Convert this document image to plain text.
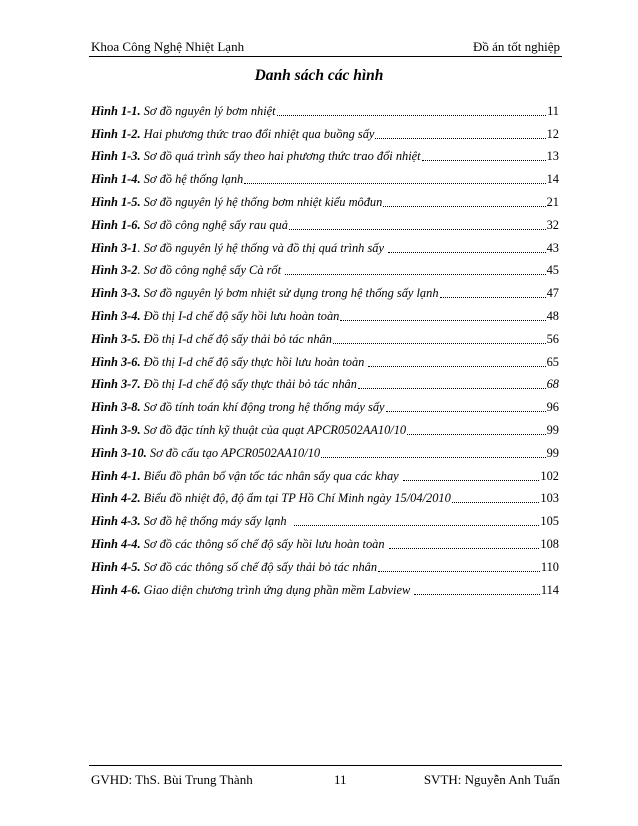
Khoa Công Nghệ Nhiệt Lạnh	Đồ án tốt nghiệp
Danh sách các hình
Hình 1-1. Sơ đồ nguyên lý bơm nhiệt	11
Hình 1-2. Hai phương thức trao đổi nhiệt qua buồng sấy	12
Hình 1-3. Sơ đồ quá trình sấy theo hai phương thức trao đổi nhiệt	13
Hình 1-4. Sơ đồ hệ thống lạnh	14
Hình 1-5. Sơ đồ nguyên lý hệ thống bơm nhiệt kiểu môđun	21
Hình 1-6. Sơ đồ công nghệ sấy rau quả	32
Hình 3-1 . Sơ đồ nguyên lý hệ thống và đồ thị quá trình sấy	43
Hình 3-2 . Sơ đồ công nghệ sấy Cà rốt	45
Hình 3-3. Sơ đồ nguyên lý bơm nhiệt sử dụng trong hệ thống sấy lạnh	47
Hình 3-4. Đồ thị I-d chế độ sấy hồi lưu hoàn toàn	48
Hình 3-5. Đồ thị I-d chế độ sấy thải bỏ tác nhân	56
Hình 3-6. Đồ thị I-d chế độ sấy thực hồi lưu hoàn toàn	65
Hình 3-7. Đồ thị I-d chế độ sấy thực thải bỏ tác nhân	68
Hình 3-8. Sơ đồ tính toán khí động trong hệ thống máy sấy	96
Hình 3-9. Sơ đồ đặc tính kỹ thuật của quạt APCR0502AA10/10	99
Hình 3-10. Sơ đồ cấu tạo APCR0502AA10/10	99
Hình 4-1. Biểu đồ phân bố vận tốc tác nhân sấy qua các khay	102
Hình 4-2. Biểu đồ nhiệt độ, độ ẩm tại TP Hồ Chí Minh ngày 15/04/2010	103
Hình 4-3. Sơ đồ hệ thống máy sấy lạnh	105
Hình 4-4. Sơ đồ các thông số chế độ sấy hồi lưu hoàn toàn	108
Hình 4-5. Sơ đồ các thông số chế độ sấy thải bỏ tác nhân	110
Hình 4-6. Giao diện chương trình ứng dụng phần mềm Labview	114
GVHD: ThS. Bùi Trung Thành	11	SVTH: Nguyễn Anh Tuấn
